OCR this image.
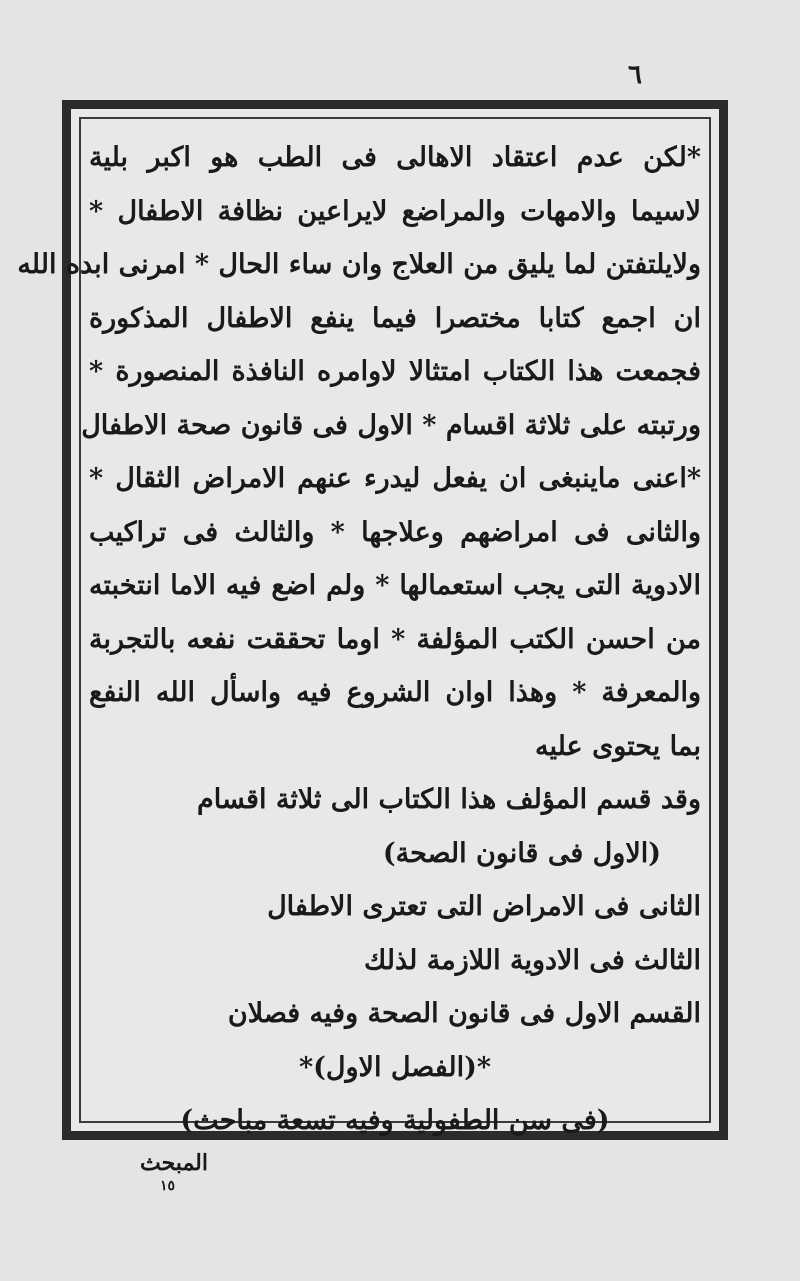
٦
*لكن عدم اعتقاد الاهالى فى الطب هو اكبر بلية
لاسيما والامهات والمراضع لايراعين نظافة الاطفال *
ولايلتفتن لما يليق من العلاج وان ساء الحال * امرنى ابده الله
ان اجمع كتابا مختصرا فيما ينفع الاطفال المذكورة
فجمعت هذا الكتاب امتثالا لاوامره النافذة المنصورة *
ورتبته على ثلاثة اقسام * الاول فى قانون صحة الاطفال
*اعنى ماينبغى ان يفعل ليدرء عنهم الامراض الثقال *
والثانى فى امراضهم وعلاجها * والثالث فى تراكيب
الادوية التى يجب استعمالها * ولم اضع فيه الاما انتخبته
من احسن الكتب المؤلفة * اوما تحققت نفعه بالتجربة
والمعرفة * وهذا اوان الشروع فيه واسأل الله النفع
بما يحتوى عليه
وقد قسم المؤلف هذا الكتاب الى ثلاثة اقسام
(الاول فى قانون الصحة)
الثانى فى الامراض التى تعترى الاطفال
الثالث فى الادوية اللازمة لذلك
القسم الاول فى قانون الصحة وفيه فصلان
*(الفصل الاول)*
(فى سن الطفولية وفيه تسعة مباحث)
المبحث
١٥
